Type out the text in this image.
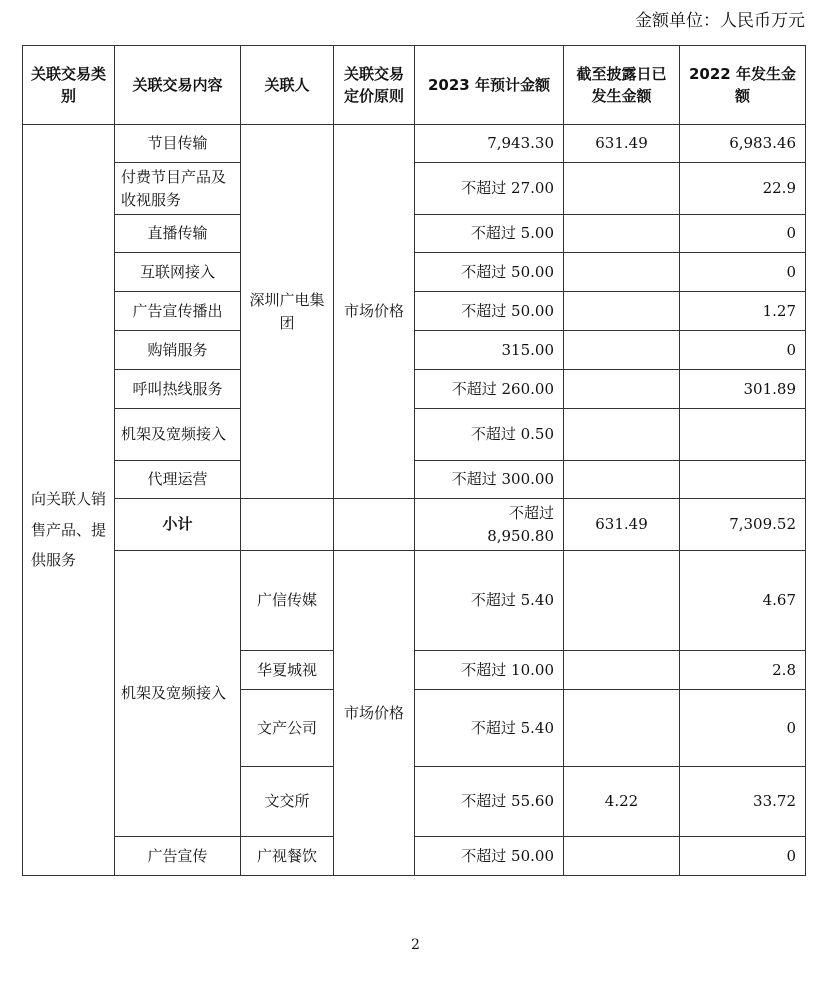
金额单位：人民币万元
关联交易类别	关联交易内容	关联人	关联交易定价原则	2023 年预计金额	截至披露日已发生金额	2022 年发生金额
向关联人销售产品、提供服务	节目传输	深圳广电集团	市场价格	7,943.30	631.49	6,983.46
	付费节目产品及收视服务			不超过 27.00		22.9
	直播传输			不超过 5.00		0
	互联网接入			不超过 50.00		0
	广告宣传播出			不超过 50.00		1.27
	购销服务			315.00		0
	呼叫热线服务			不超过 260.00		301.89
	机架及宽频接入			不超过 0.50		
	代理运营			不超过 300.00		
	小计			不超过 8,950.80	631.49	7,309.52
	机架及宽频接入	广信传媒	市场价格	不超过 5.40		4.67
		华夏城视		不超过 10.00		2.8
		文产公司		不超过 5.40		0
		文交所		不超过 55.60	4.22	33.72
	广告宣传	广视餐饮		不超过 50.00		0
2
